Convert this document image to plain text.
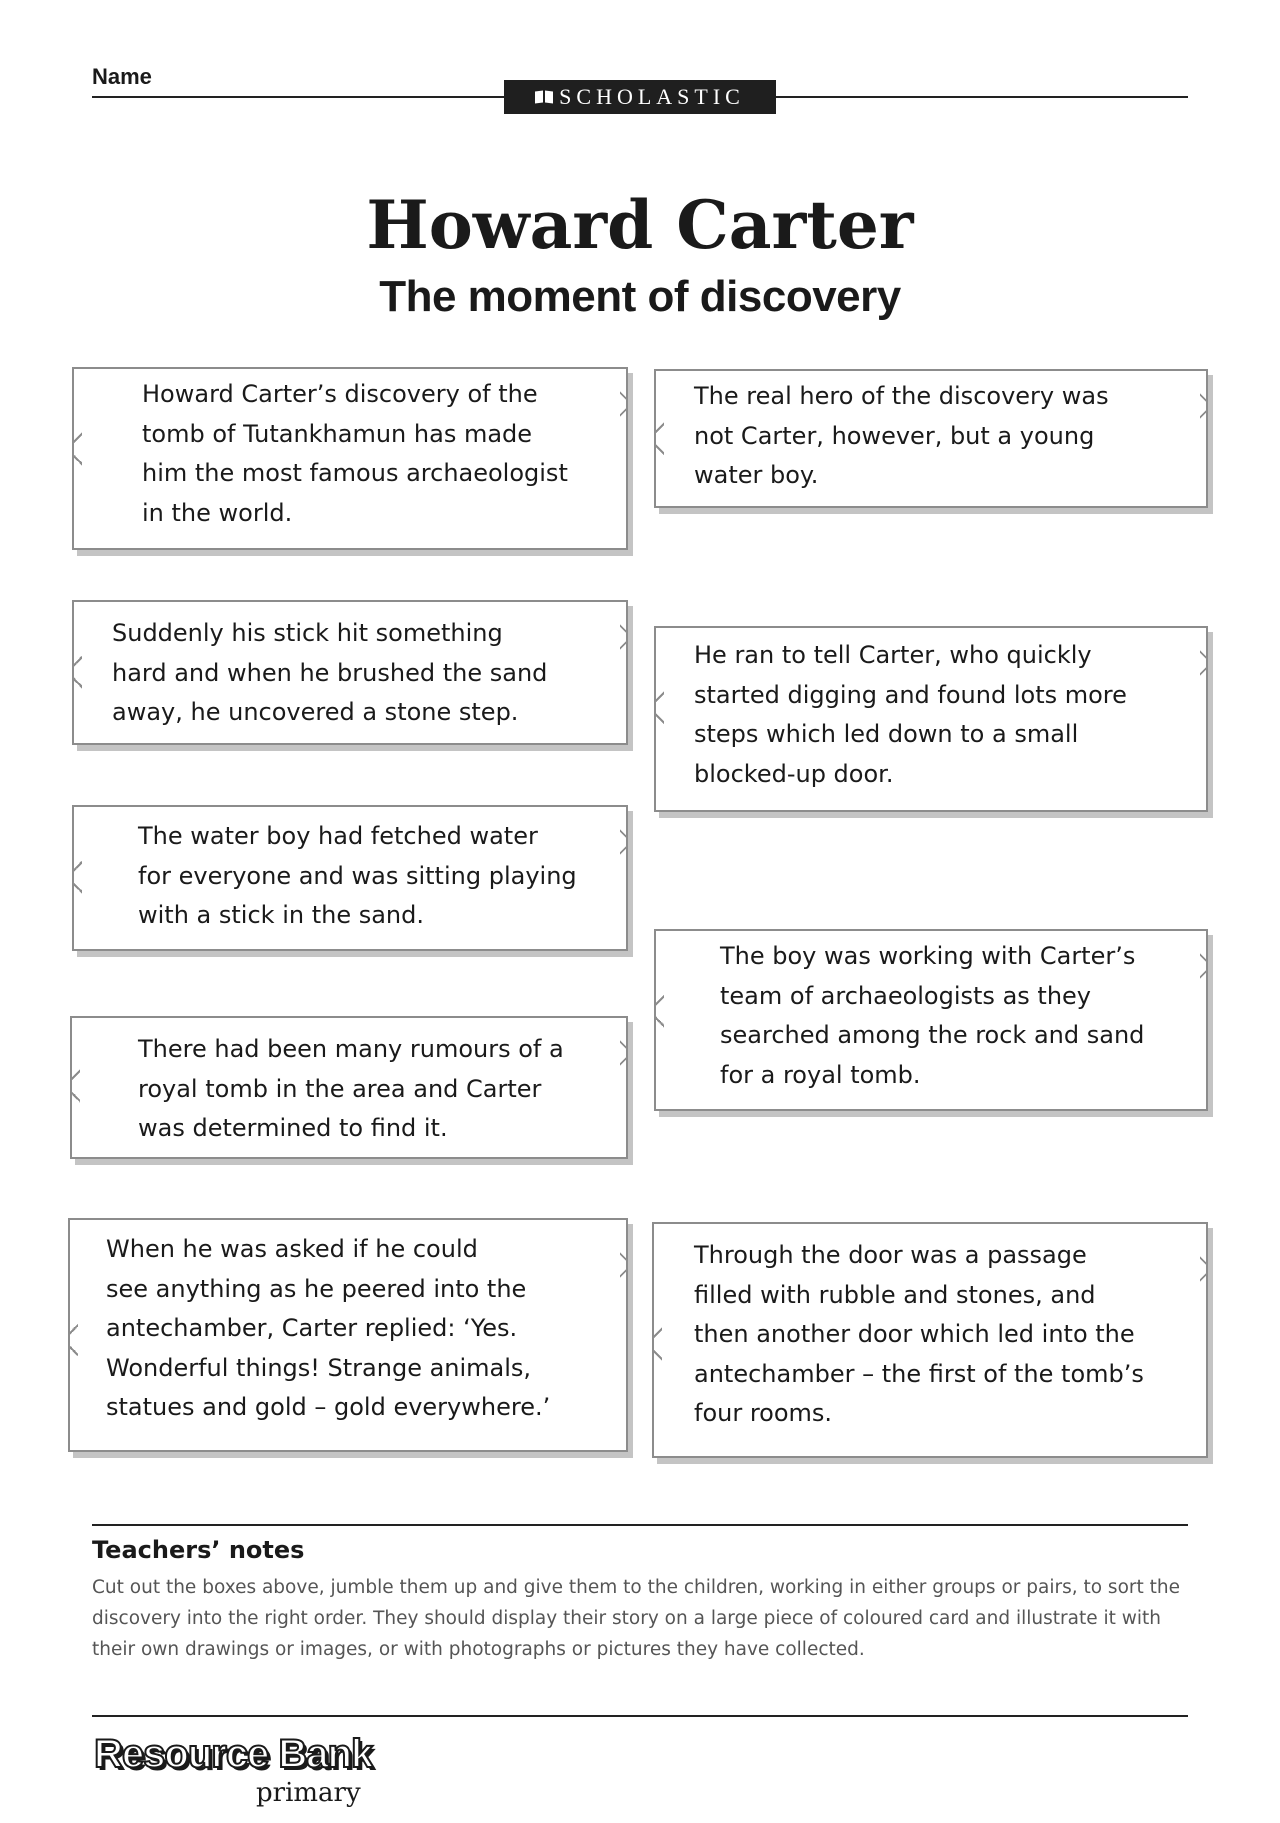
Name
SCHOLASTIC
Howard Carter
The moment of discovery
Howard Carter’s discovery of the
tomb of Tutankhamun has made
him the most famous archaeologist
in the world.
Suddenly his stick hit something
hard and when he brushed the sand
away, he uncovered a stone step.
The water boy had fetched water
for everyone and was sitting playing
with a stick in the sand.
There had been many rumours of a
royal tomb in the area and Carter
was determined to find it.
When he was asked if he could
see anything as he peered into the
antechamber, Carter replied: ‘Yes.
Wonderful things! Strange animals,
statues and gold – gold everywhere.’
The real hero of the discovery was
not Carter, however, but a young
water boy.
He ran to tell Carter, who quickly
started digging and found lots more
steps which led down to a small
blocked-up door.
The boy was working with Carter’s
team of archaeologists as they
searched among the rock and sand
for a royal tomb.
Through the door was a passage
filled with rubble and stones, and
then another door which led into the
antechamber – the first of the tomb’s
four rooms.
Teachers’ notes
Cut out the boxes above, jumble them up and give them to the children, working in either groups or pairs, to sort the discovery into the right order. They should display their story on a large piece of coloured card and illustrate it with their own drawings or images, or with photographs or pictures they have collected.
Resource Bank
primary
